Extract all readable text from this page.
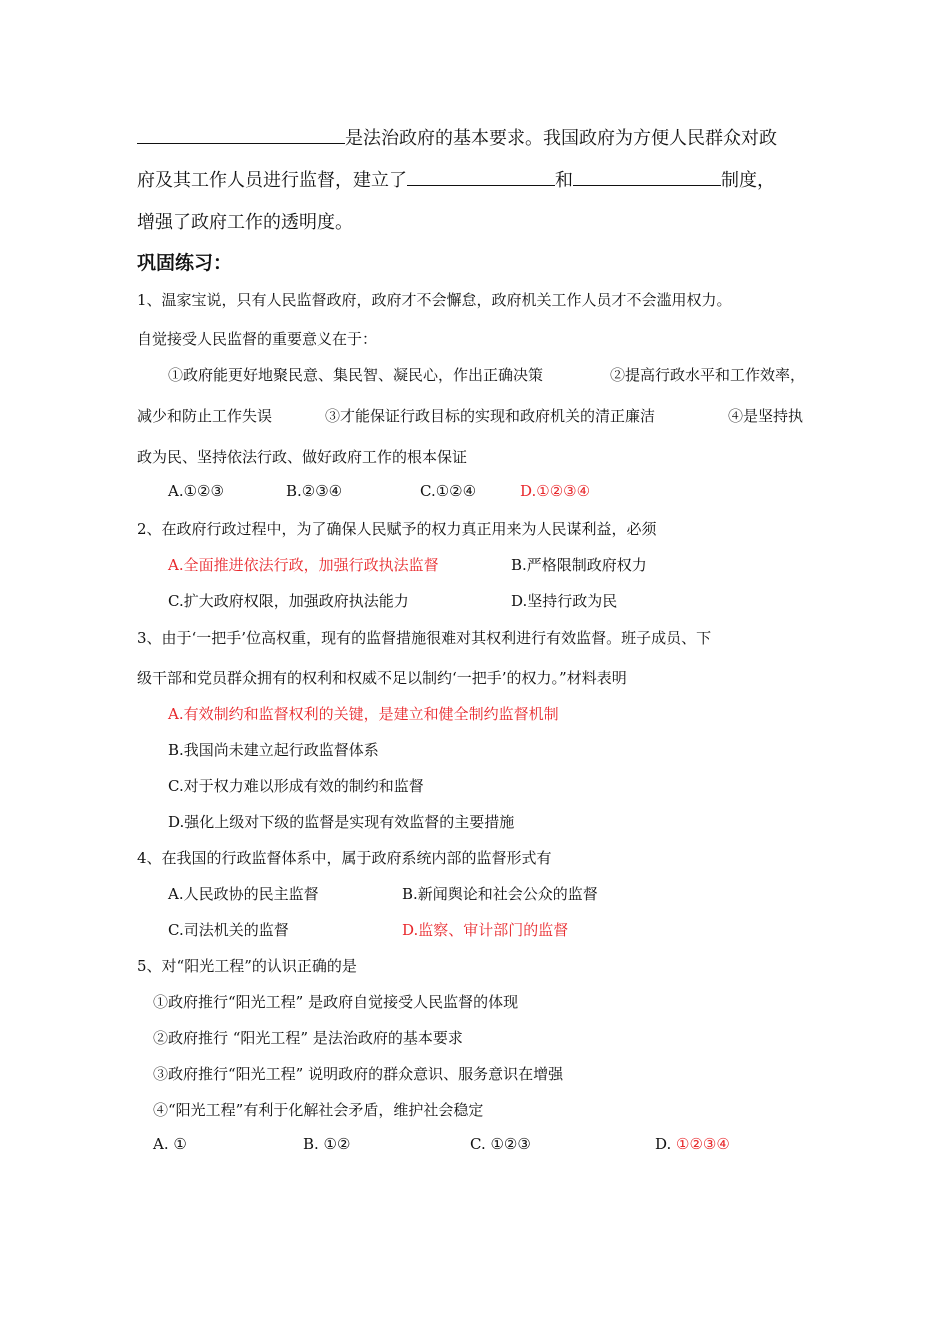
是法治政府的基本要求。我国政府为方便人民群众对政
府及其工作人员进行监督，建立了	和	制度，
增强了政府工作的透明度。
巩固练习：
1、温家宝说，只有人民监督政府，政府才不会懈怠，政府机关工作人员才不会滥用权力。
自觉接受人民监督的重要意义在于：
①政府能更好地聚民意、集民智、凝民心，作出正确决策	②提高行政水平和工作效率，
减少和防止工作失误	③才能保证行政目标的实现和政府机关的清正廉洁	④是坚持执
政为民、坚持依法行政、做好政府工作的根本保证
A.①②③	B.②③④	C.①②④	D.①②③④
2、在政府行政过程中，为了确保人民赋予的权力真正用来为人民谋利益，必须
A.全面推进依法行政，加强行政执法监督	B.严格限制政府权力
C.扩大政府权限，加强政府执法能力	D.坚持行政为民
3、由于‘一把手’位高权重，现有的监督措施很难对其权利进行有效监督。班子成员、下
级干部和党员群众拥有的权利和权威不足以制约‘一把手’的权力。”材料表明
A.有效制约和监督权利的关键，是建立和健全制约监督机制
B.我国尚未建立起行政监督体系
C.对于权力难以形成有效的制约和监督
D.强化上级对下级的监督是实现有效监督的主要措施
4、在我国的行政监督体系中，属于政府系统内部的监督形式有
A.人民政协的民主监督	B.新闻舆论和社会公众的监督
C.司法机关的监督	D.监察、审计部门的监督
5、对“阳光工程”的认识正确的是
①政府推行“阳光工程” 是政府自觉接受人民监督的体现
②政府推行 “阳光工程” 是法治政府的基本要求
③政府推行“阳光工程” 说明政府的群众意识、服务意识在增强
④“阳光工程”有利于化解社会矛盾，维护社会稳定
A. ①	B. ①②	C. ①②③	D. ①②③④
